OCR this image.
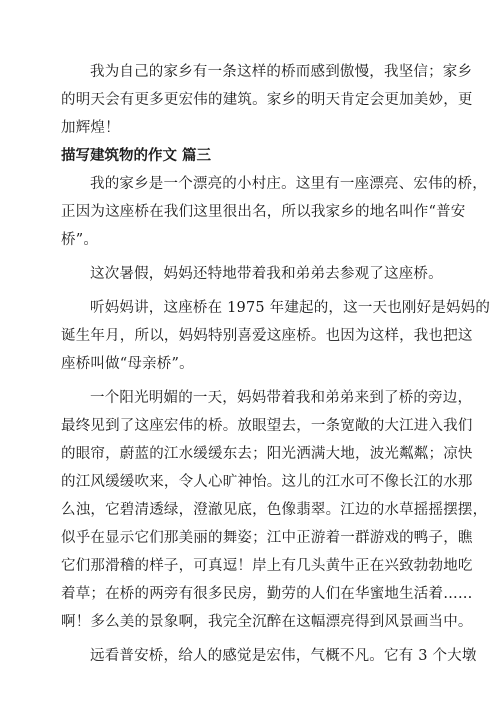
我为自己的家乡有一条这样的桥而感到傲慢，我坚信；家乡
的明天会有更多更宏伟的建筑。家乡的明天肯定会更加美妙，更
加辉煌！
描写建筑物的作文 篇三
我的家乡是一个漂亮的小村庄。这里有一座漂亮、宏伟的桥，
正因为这座桥在我们这里很出名，所以我家乡的地名叫作“普安
桥”。
这次暑假，妈妈还特地带着我和弟弟去参观了这座桥。
听妈妈讲，这座桥在 1975 年建起的，这一天也刚好是妈妈的
诞生年月，所以，妈妈特别喜爱这座桥。也因为这样，我也把这
座桥叫做“母亲桥”。
一个阳光明媚的一天，妈妈带着我和弟弟来到了桥的旁边，
最终见到了这座宏伟的桥。放眼望去，一条宽敞的大江进入我们
的眼帘，蔚蓝的江水缓缓东去；阳光洒满大地，波光粼粼；凉快
的江风缓缓吹来，令人心旷神怡。这儿的江水可不像长江的水那
么浊，它碧清透绿，澄澈见底，色像翡翠。江边的水草摇摇摆摆，
似乎在显示它们那美丽的舞姿；江中正游着一群游戏的鸭子，瞧
它们那滑稽的样子，可真逗！岸上有几头黄牛正在兴致勃勃地吃
着草；在桥的两旁有很多民房，勤劳的人们在华蜜地生活着……
啊！多么美的景象啊，我完全沉醉在这幅漂亮得到风景画当中。
远看普安桥，给人的感觉是宏伟，气概不凡。它有 3 个大墩
